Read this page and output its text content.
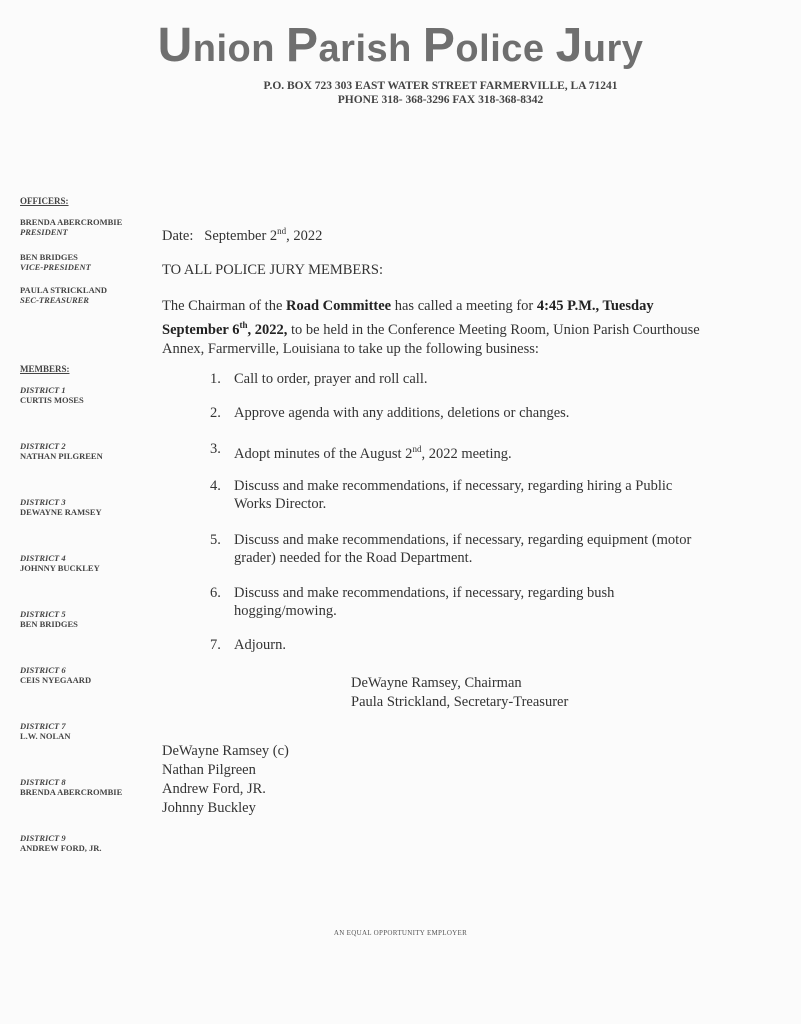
Union Parish Police Jury
P.O. BOX 723 303 EAST WATER STREET FARMERVILLE, LA 71241
PHONE 318- 368-3296 FAX 318-368-8342
OFFICERS:
BRENDA ABERCROMBIE
PRESIDENT
BEN BRIDGES
VICE-PRESIDENT
PAULA STRICKLAND
SEC-TREASURER
MEMBERS:
DISTRICT 1
CURTIS MOSES
DISTRICT 2
NATHAN PILGREEN
DISTRICT 3
DEWAYNE RAMSEY
DISTRICT 4
JOHNNY BUCKLEY
DISTRICT 5
BEN BRIDGES
DISTRICT 6
CEIS NYEGAARD
DISTRICT 7
L.W. NOLAN
DISTRICT 8
BRENDA ABERCROMBIE
DISTRICT 9
ANDREW FORD, JR.
Date: September 2nd, 2022
TO ALL POLICE JURY MEMBERS:
The Chairman of the Road Committee has called a meeting for 4:45 P.M., Tuesday September 6th, 2022, to be held in the Conference Meeting Room, Union Parish Courthouse Annex, Farmerville, Louisiana to take up the following business:
1. Call to order, prayer and roll call.
2. Approve agenda with any additions, deletions or changes.
3. Adopt minutes of the August 2nd, 2022 meeting.
4. Discuss and make recommendations, if necessary, regarding hiring a Public Works Director.
5. Discuss and make recommendations, if necessary, regarding equipment (motor grader) needed for the Road Department.
6. Discuss and make recommendations, if necessary, regarding bush hogging/mowing.
7. Adjourn.
DeWayne Ramsey, Chairman
Paula Strickland, Secretary-Treasurer
DeWayne Ramsey (c)
Nathan Pilgreen
Andrew Ford, JR.
Johnny Buckley
AN EQUAL OPPORTUNITY EMPLOYER
